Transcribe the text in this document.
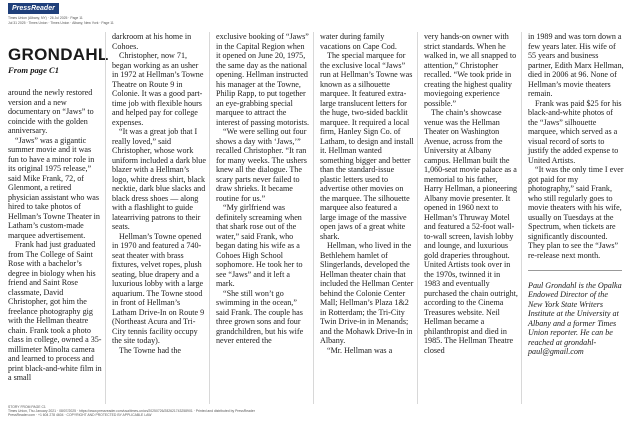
PressReader
Times Union (Albany, NY) · 26 Jul 2025 · Page 11
Jul 31 2025 · Times Union · Times Union · Albany, New York · Page 11
GRONDAHL
From page C1

around the newly restored version and a new documentary on “Jaws” to coincide with the golden anniversary.

“Jaws” was a gigantic summer movie and it was fun to have a minor role in its original 1975 release,” said Mike Frank, 72, of Glenmont, a retired physician assistant who was hired to take photos of Hellman’s Towne Theater in Latham’s custom-made marquee advertisement.

Frank had just graduated from The College of Saint Rose with a bachelor’s degree in biology when his friend and Saint Rose classmate, David Christopher, got him the freelance photography gig with the Hellman theatre chain. Frank took a photo class in college, owned a 35-millimeter Minolta camera and learned to process and print black-and-white film in a small

darkroom at his home in Cohoes.

Christopher, now 71, began working as an usher in 1972 at Hellman’s Towne Theatre on Route 9 in Colonie. It was a good part-time job with flexible hours and helped pay for college expenses.

“It was a great job that I really loved,” said Christopher, whose work uniform included a dark blue blazer with a Hellman’s logo, white dress shirt, black necktie, dark blue slacks and black dress shoes — along with a flashlight to guide latearriving patrons to their seats.

Hellman’s Towne opened in 1970 and featured a 740-seat theater with brass fixtures, velvet ropes, plush seating, blue drapery and a luxurious lobby with a large aquarium. The Towne stood in front of Hellman’s Latham Drive-In on Route 9 (Northeast Acura and Tri-City tennis facility occupy the site today).

The Towne had the

exclusive booking of “Jaws” in the Capital Region when it opened on June 20, 1975, the same day as the national opening. Hellman instructed his manager at the Towne, Philip Rapp, to put together an eye-grabbing special marquee to attract the interest of passing motorists.

“We were selling out four shows a day with ‘Jaws,’” recalled Christopher. “It ran for many weeks. The ushers knew all the dialogue. The scary parts never failed to draw shrieks. It became routine for us.”

“My girlfriend was definitely screaming when that shark rose out of the water,” said Frank, who began dating his wife as a Cohoes High School sophomore. He took her to see “Jaws” and it left a mark.

“She still won’t go swimming in the ocean,” said Frank. The couple has three grown sons and four grandchildren, but his wife never entered the

water during family vacations on Cape Cod.

The special marquee for the exclusive local “Jaws” run at Hellman’s Towne was known as a silhouette marquee. It featured extra-large translucent letters for the huge, two-sided backlit marquee. It required a local firm, Hanley Sign Co. of Latham, to design and install it. Hellman wanted something bigger and better than the standard-issue plastic letters used to advertise other movies on the marquee. The silhouette marquee also featured a large image of the massive open jaws of a great white shark.

Hellman, who lived in the Bethlehem hamlet of Slingerlands, developed the Hellman theater chain that included the Hellman Center behind the Colonie Center Mall; Hellman’s Plaza 1&2 in Rotterdam; the Tri-City Twin Drive-in in Menands; and the Mohawk Drive-In in Albany.

“Mr. Hellman was a

very hands-on owner with strict standards. When he walked in, we all snapped to attention,” Christopher recalled. “We took pride in creating the highest quality moviegoing experience possible.”

The chain’s showcase venue was the Hellman Theater on Washington Avenue, across from the University at Albany campus. Hellman built the 1,060-seat movie palace as a memorial to his father, Harry Hellman, a pioneering Albany movie presenter. It opened in 1960 next to Hellman’s Thruway Motel and featured a 52-foot wall-to-wall screen, lavish lobby and lounge, and luxurious gold draperies throughout. United Artists took over in the 1970s, twinned it in 1983 and eventually purchased the chain outright, according to the Cinema Treasures website. Neil Hellman became a philanthropist and died in 1985. The Hellman Theatre closed

in 1989 and was torn down a few years later. His wife of 55 years and business partner, Edith Marx Hellman, died in 2006 at 96. None of Hellman’s movie theaters remain.

Frank was paid $25 for his black-and-white photos of the “Jaws” silhouette marquee, which served as a visual record of sorts to justify the added expense to United Artists.

“It was the only time I ever got paid for my photography,” said Frank, who still regularly goes to movie theaters with his wife, usually on Tuesdays at the Spectrum, when tickets are significantly discounted. They plan to see the “Jaws” re-release next month.

Paul Grondahl is the Opalka Endowed Director of the New York State Writers Institute at the University at Albany and a former Times Union reporter. He can be reached at grondahl-paul@gmail.com
STORY FROM PAGE C1
Times Union, Thu January 2021 · 08/07/2025 · https://www.pressreader.com/usa/times-union/20250726/282621743258901 · Printed and distributed by PressReader
PressReader.com · +1 604 278 4604 · COPYRIGHT AND PROTECTED BY APPLICABLE LAW
